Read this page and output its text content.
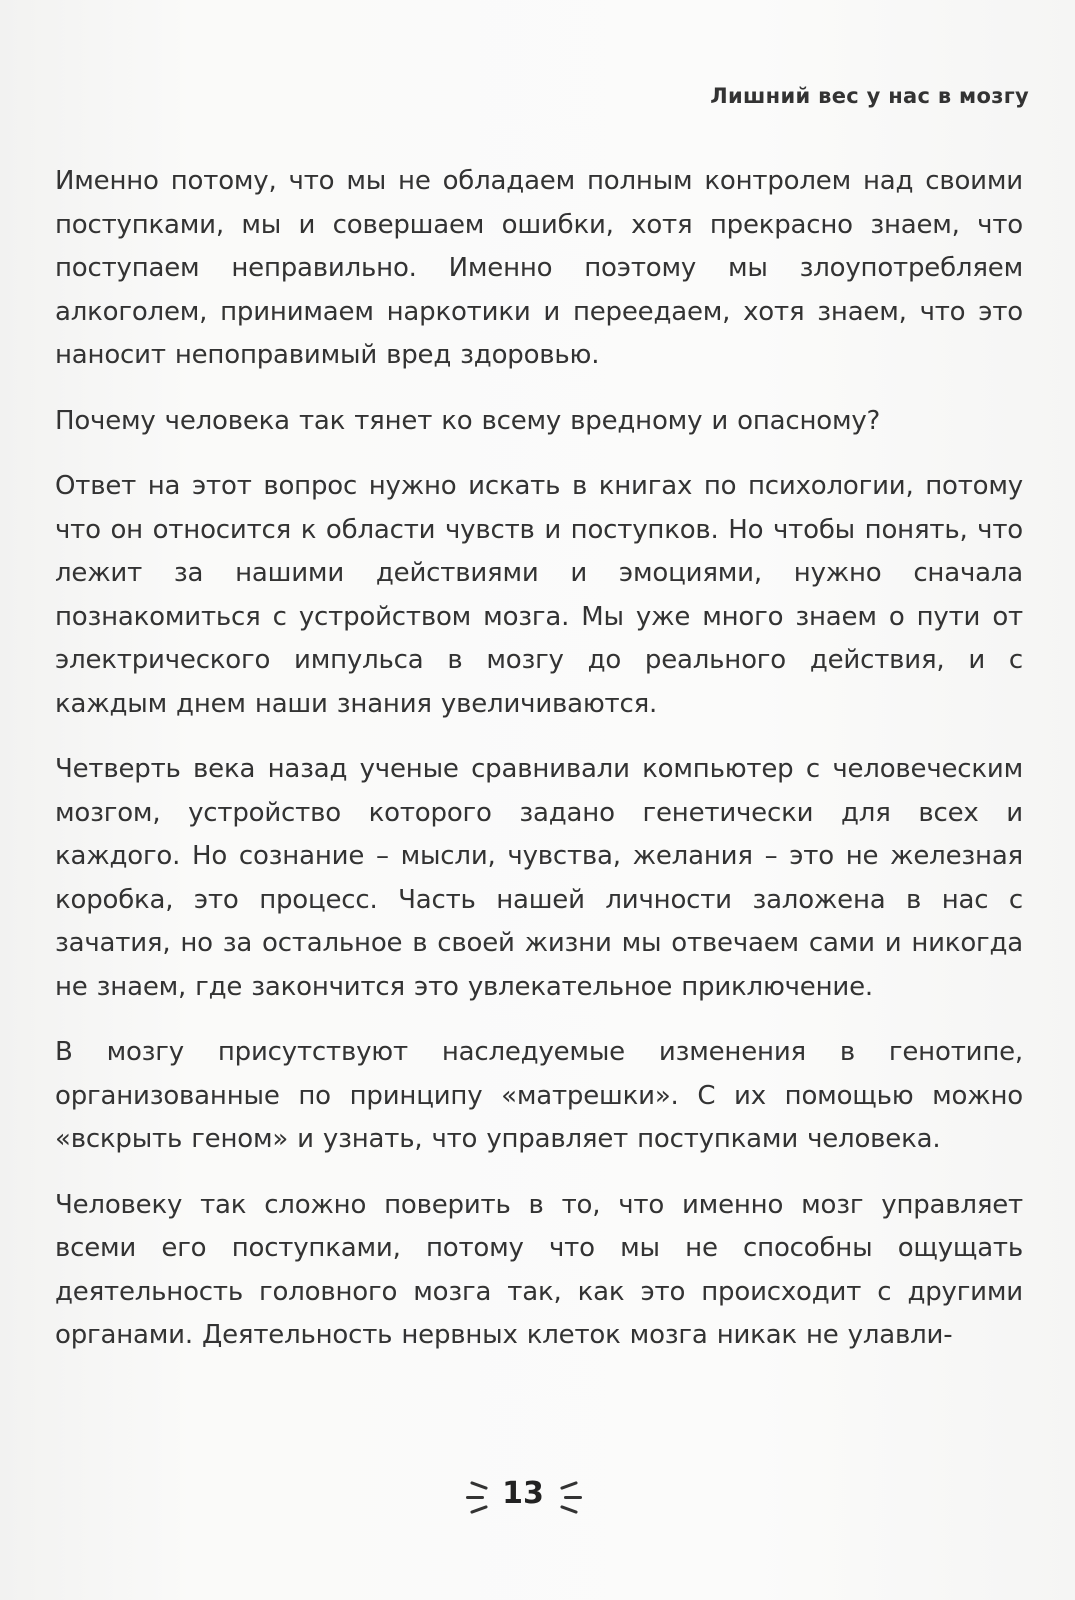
Лишний вес у нас в мозгу

Именно потому, что мы не обладаем полным контролем над своими поступками, мы и совершаем ошибки, хотя прекрасно знаем, что поступаем неправильно. Именно поэтому мы злоупотребляем алкоголем, принимаем наркотики и переедаем, хотя знаем, что это наносит непоправимый вред здоровью.

Почему человека так тянет ко всему вредному и опасному?

Ответ на этот вопрос нужно искать в книгах по психологии, потому что он относится к области чувств и поступков. Но чтобы понять, что лежит за нашими действиями и эмоциями, нужно сначала познакомиться с устройством мозга. Мы уже много знаем о пути от электрического импульса в мозгу до реального действия, и с каждым днем наши знания увеличиваются.

Четверть века назад ученые сравнивали компьютер с человеческим мозгом, устройство которого задано генетически для всех и каждого. Но сознание – мысли, чувства, желания – это не железная коробка, это процесс. Часть нашей личности заложена в нас с зачатия, но за остальное в своей жизни мы отвечаем сами и никогда не знаем, где закончится это увлекательное приключение.

В мозгу присутствуют наследуемые изменения в генотипе, организованные по принципу «матрешки». С их помощью можно «вскрыть геном» и узнать, что управляет поступками человека.

Человеку так сложно поверить в то, что именно мозг управляет всеми его поступками, потому что мы не способны ощущать деятельность головного мозга так, как это происходит с другими органами. Деятельность нервных клеток мозга никак не улавли-

13
